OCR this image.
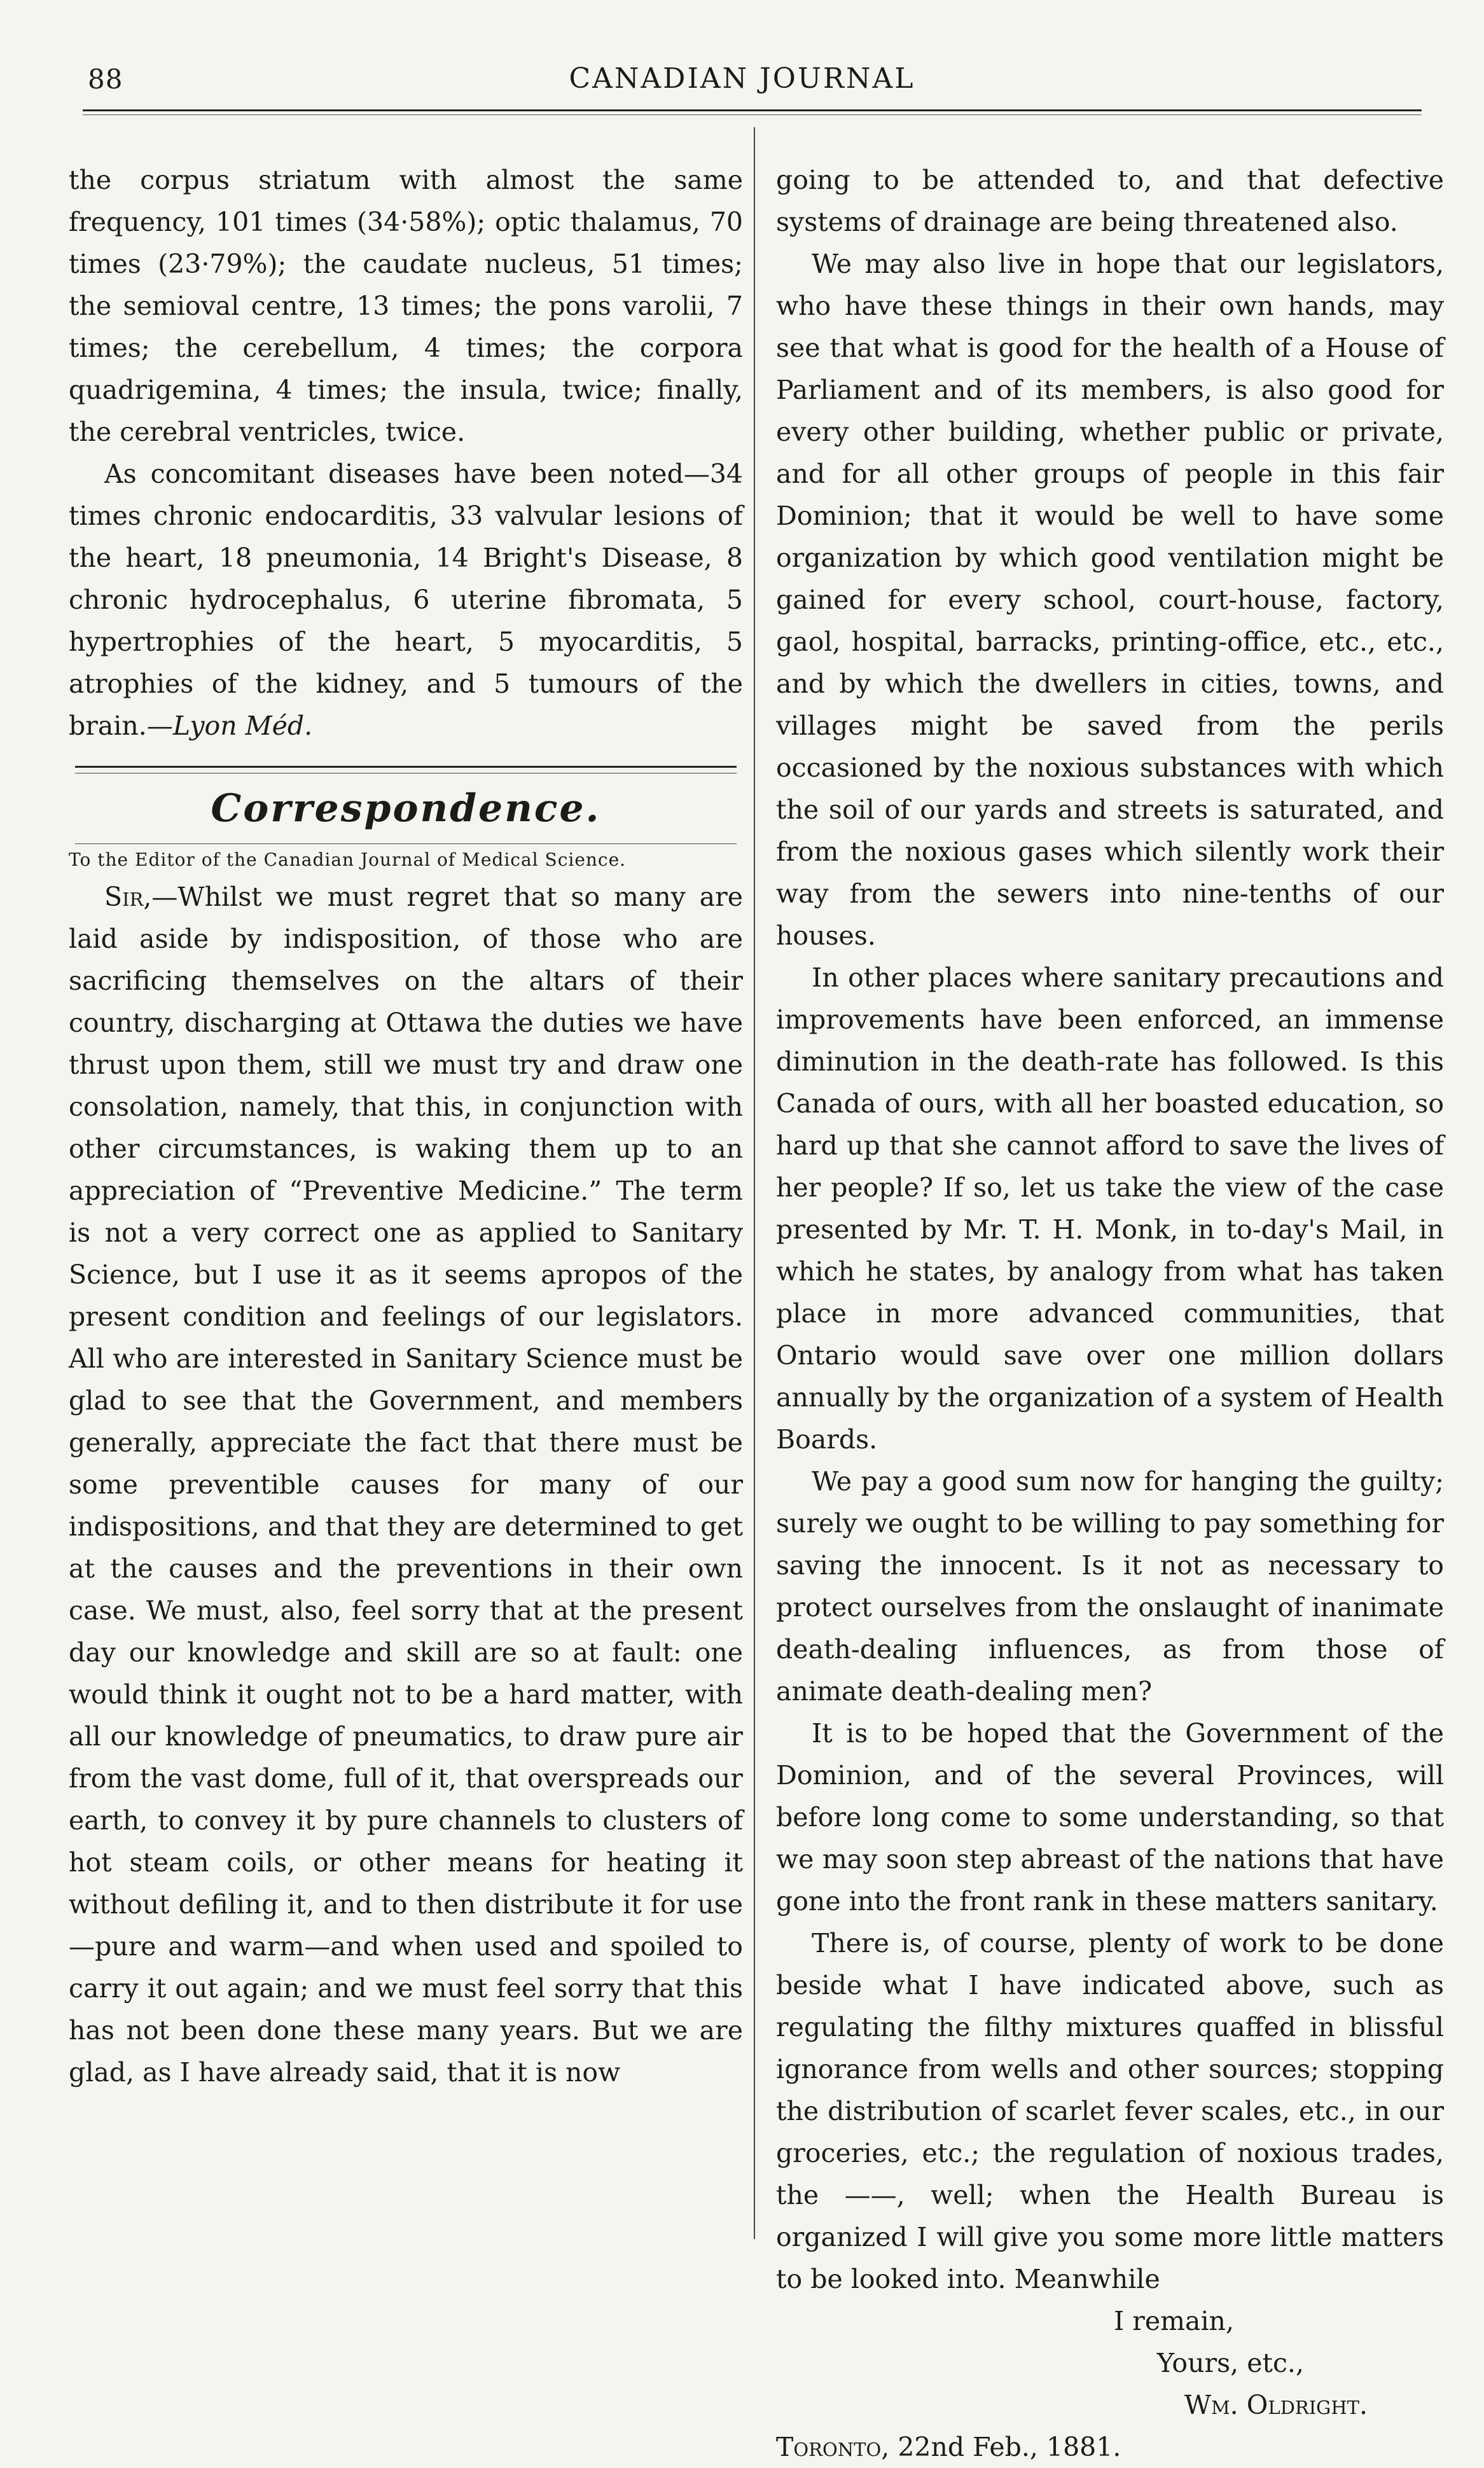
88	CANADIAN JOURNAL

the corpus striatum with almost the same frequency, 101 times (34·58%); optic thalamus, 70 times (23·79%); the caudate nucleus, 51 times; the semioval centre, 13 times; the pons varolii, 7 times; the cerebellum, 4 times; the corpora quadrigemina, 4 times; the insula, twice; finally, the cerebral ventricles, twice.

As concomitant diseases have been noted—34 times chronic endocarditis, 33 valvular lesions of the heart, 18 pneumonia, 14 Bright's Disease, 8 chronic hydrocephalus, 6 uterine fibromata, 5 hypertrophies of the heart, 5 myocarditis, 5 atrophies of the kidney, and 5 tumours of the brain.—Lyon Méd.

Correspondence.

To the Editor of the Canadian Journal of Medical Science.

Sir,—Whilst we must regret that so many are laid aside by indisposition, of those who are sacrificing themselves on the altars of their country, discharging at Ottawa the duties we have thrust upon them, still we must try and draw one consolation, namely, that this, in conjunction with other circumstances, is waking them up to an appreciation of “Preventive Medicine.” The term is not a very correct one as applied to Sanitary Science, but I use it as it seems apropos of the present condition and feelings of our legislators. All who are interested in Sanitary Science must be glad to see that the Government, and members generally, appreciate the fact that there must be some preventible causes for many of our indispositions, and that they are determined to get at the causes and the preventions in their own case. We must, also, feel sorry that at the present day our knowledge and skill are so at fault: one would think it ought not to be a hard matter, with all our knowledge of pneumatics, to draw pure air from the vast dome, full of it, that overspreads our earth, to convey it by pure channels to clusters of hot steam coils, or other means for heating it without defiling it, and to then distribute it for use—pure and warm—and when used and spoiled to carry it out again; and we must feel sorry that this has not been done these many years. But we are glad, as I have already said, that it is now

going to be attended to, and that defective systems of drainage are being threatened also.

We may also live in hope that our legislators, who have these things in their own hands, may see that what is good for the health of a House of Parliament and of its members, is also good for every other building, whether public or private, and for all other groups of people in this fair Dominion; that it would be well to have some organization by which good ventilation might be gained for every school, court-house, factory, gaol, hospital, barracks, printing-office, etc., etc., and by which the dwellers in cities, towns, and villages might be saved from the perils occasioned by the noxious substances with which the soil of our yards and streets is saturated, and from the noxious gases which silently work their way from the sewers into nine-tenths of our houses.

In other places where sanitary precautions and improvements have been enforced, an immense diminution in the death-rate has followed. Is this Canada of ours, with all her boasted education, so hard up that she cannot afford to save the lives of her people? If so, let us take the view of the case presented by Mr. T. H. Monk, in to-day's Mail, in which he states, by analogy from what has taken place in more advanced communities, that Ontario would save over one million dollars annually by the organization of a system of Health Boards.

We pay a good sum now for hanging the guilty; surely we ought to be willing to pay something for saving the innocent. Is it not as necessary to protect ourselves from the onslaught of inanimate death-dealing influences, as from those of animate death-dealing men?

It is to be hoped that the Government of the Dominion, and of the several Provinces, will before long come to some understanding, so that we may soon step abreast of the nations that have gone into the front rank in these matters sanitary.

There is, of course, plenty of work to be done beside what I have indicated above, such as regulating the filthy mixtures quaffed in blissful ignorance from wells and other sources; stopping the distribution of scarlet fever scales, etc., in our groceries, etc.; the regulation of noxious trades, the ——, well; when the Health Bureau is organized I will give you some more little matters to be looked into. Meanwhile

I remain,

Yours, etc.,

Wm. Oldright.

Toronto, 22nd Feb., 1881.
